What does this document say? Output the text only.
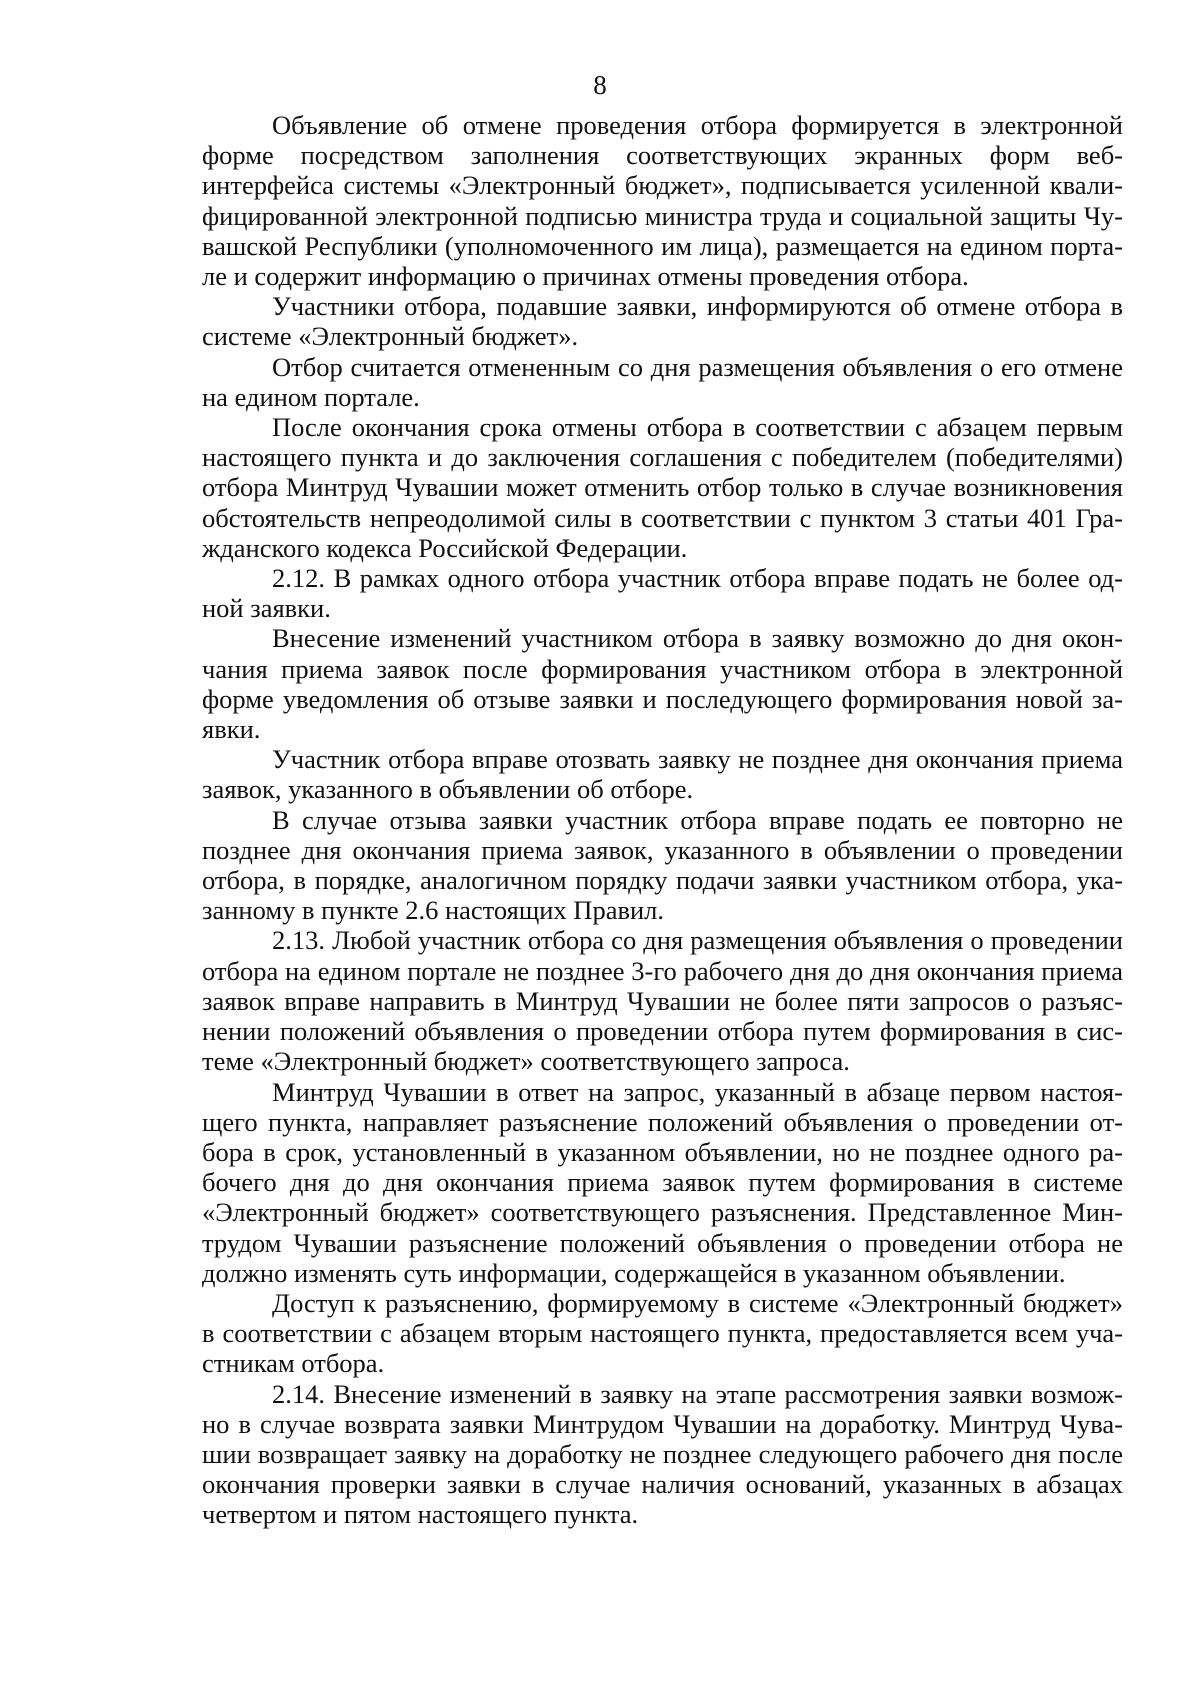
8

Объявление об отмене проведения отбора формируется в электронной форме посредством заполнения соответствующих экранных форм веб-интерфейса системы «Электронный бюджет», подписывается усиленной квалифицированной электронной подписью министра труда и социальной защиты Чувашской Республики (уполномоченного им лица), размещается на едином портале и содержит информацию о причинах отмены проведения отбора.

Участники отбора, подавшие заявки, информируются об отмене отбора в системе «Электронный бюджет».

Отбор считается отмененным со дня размещения объявления о его отмене на едином портале.

После окончания срока отмены отбора в соответствии с абзацем первым настоящего пункта и до заключения соглашения с победителем (победителями) отбора Минтруд Чувашии может отменить отбор только в случае возникновения обстоятельств непреодолимой силы в соответствии с пунктом 3 статьи 401 Гражданского кодекса Российской Федерации.

2.12. В рамках одного отбора участник отбора вправе подать не более одной заявки.

Внесение изменений участником отбора в заявку возможно до дня окончания приема заявок после формирования участником отбора в электронной форме уведомления об отзыве заявки и последующего формирования новой заявки.

Участник отбора вправе отозвать заявку не позднее дня окончания приема заявок, указанного в объявлении об отборе.

В случае отзыва заявки участник отбора вправе подать ее повторно не позднее дня окончания приема заявок, указанного в объявлении о проведении отбора, в порядке, аналогичном порядку подачи заявки участником отбора, указанному в пункте 2.6 настоящих Правил.

2.13. Любой участник отбора со дня размещения объявления о проведении отбора на едином портале не позднее 3-го рабочего дня до дня окончания приема заявок вправе направить в Минтруд Чувашии не более пяти запросов о разъяснении положений объявления о проведении отбора путем формирования в системе «Электронный бюджет» соответствующего запроса.

Минтруд Чувашии в ответ на запрос, указанный в абзаце первом настоящего пункта, направляет разъяснение положений объявления о проведении отбора в срок, установленный в указанном объявлении, но не позднее одного рабочего дня до дня окончания приема заявок путем формирования в системе «Электронный бюджет» соответствующего разъяснения. Представленное Минтрудом Чувашии разъяснение положений объявления о проведении отбора не должно изменять суть информации, содержащейся в указанном объявлении.

Доступ к разъяснению, формируемому в системе «Электронный бюджет» в соответствии с абзацем вторым настоящего пункта, предоставляется всем участникам отбора.

2.14. Внесение изменений в заявку на этапе рассмотрения заявки возможно в случае возврата заявки Минтрудом Чувашии на доработку. Минтруд Чувашии возвращает заявку на доработку не позднее следующего рабочего дня после окончания проверки заявки в случае наличия оснований, указанных в абзацах четвертом и пятом настоящего пункта.
